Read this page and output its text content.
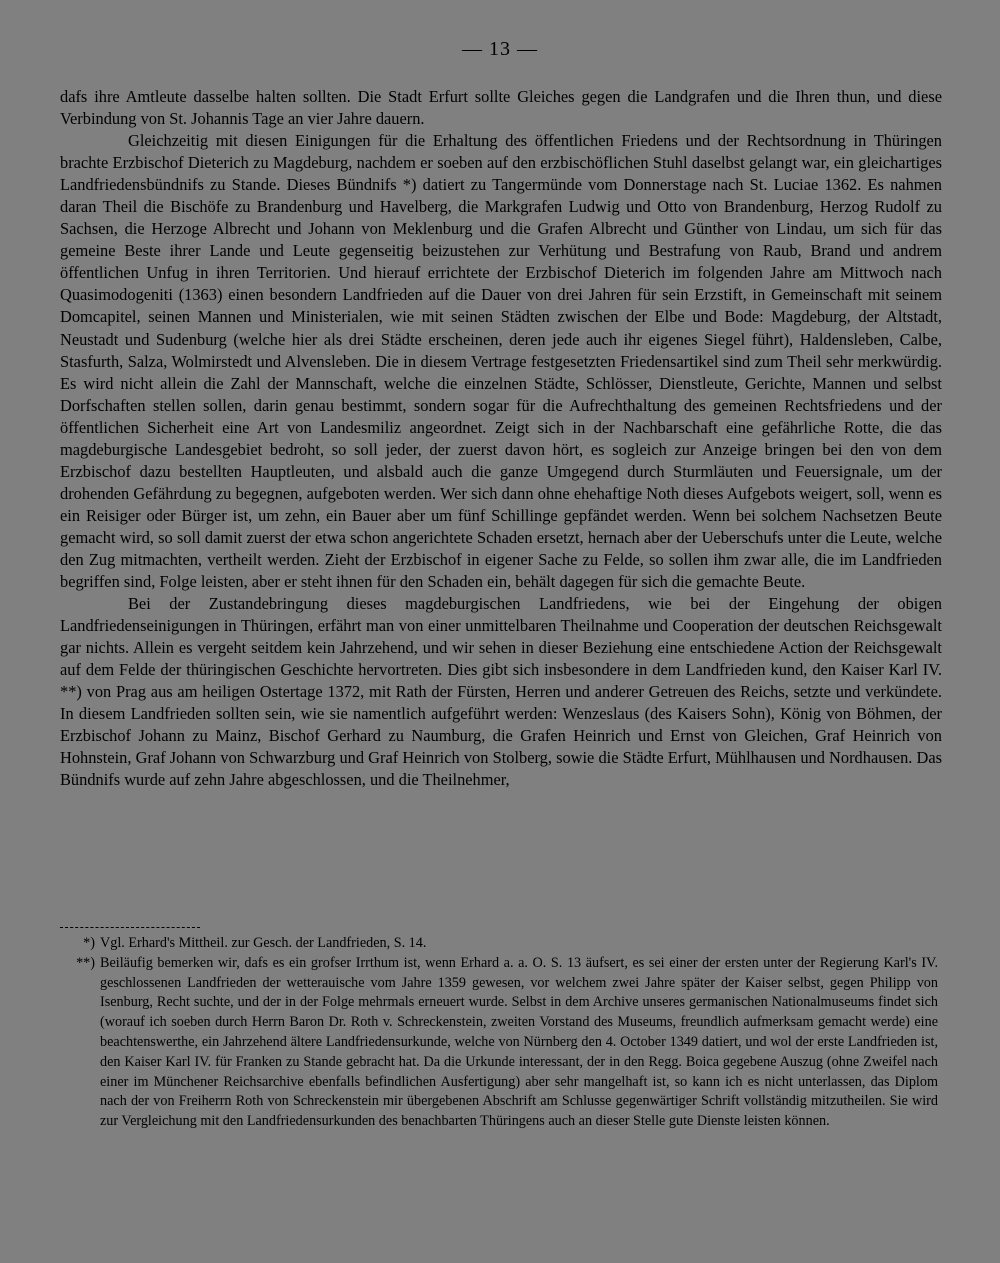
— 13 —

dafs ihre Amtleute dasselbe halten sollten. Die Stadt Erfurt sollte Gleiches gegen die Landgrafen und die Ihren thun, und diese Verbindung von St. Johannis Tage an vier Jahre dauern.

Gleichzeitig mit diesen Einigungen für die Erhaltung des öffentlichen Friedens und der Rechtsordnung in Thüringen brachte Erzbischof Dieterich zu Magdeburg, nachdem er soeben auf den erzbischöflichen Stuhl daselbst gelangt war, ein gleichartiges Landfriedensbündnifs zu Stande. Dieses Bündnifs *) datiert zu Tangermünde vom Donnerstage nach St. Luciae 1362. Es nahmen daran Theil die Bischöfe zu Brandenburg und Havelberg, die Markgrafen Ludwig und Otto von Brandenburg, Herzog Rudolf zu Sachsen, die Herzoge Albrecht und Johann von Meklenburg und die Grafen Albrecht und Günther von Lindau, um sich für das gemeine Beste ihrer Lande und Leute gegenseitig beizustehen zur Verhütung und Bestrafung von Raub, Brand und andrem öffentlichen Unfug in ihren Territorien. Und hierauf errichtete der Erzbischof Dieterich im folgenden Jahre am Mittwoch nach Quasimodogeniti (1363) einen besondern Landfrieden auf die Dauer von drei Jahren für sein Erzstift, in Gemeinschaft mit seinem Domcapitel, seinen Mannen und Ministerialen, wie mit seinen Städten zwischen der Elbe und Bode: Magdeburg, der Altstadt, Neustadt und Sudenburg (welche hier als drei Städte erscheinen, deren jede auch ihr eigenes Siegel führt), Haldensleben, Calbe, Stasfurth, Salza, Wolmirstedt und Alvensleben. Die in diesem Vertrage festgesetzten Friedensartikel sind zum Theil sehr merkwürdig. Es wird nicht allein die Zahl der Mannschaft, welche die einzelnen Städte, Schlösser, Dienstleute, Gerichte, Mannen und selbst Dorfschaften stellen sollen, darin genau bestimmt, sondern sogar für die Aufrechthaltung des gemeinen Rechtsfriedens und der öffentlichen Sicherheit eine Art von Landesmiliz angeordnet. Zeigt sich in der Nachbarschaft eine gefährliche Rotte, die das magdeburgische Landesgebiet bedroht, so soll jeder, der zuerst davon hört, es sogleich zur Anzeige bringen bei den von dem Erzbischof dazu bestellten Hauptleuten, und alsbald auch die ganze Umgegend durch Sturmläuten und Feuersignale, um der drohenden Gefährdung zu begegnen, aufgeboten werden. Wer sich dann ohne ehehaftige Noth dieses Aufgebots weigert, soll, wenn es ein Reisiger oder Bürger ist, um zehn, ein Bauer aber um fünf Schillinge gepfändet werden. Wenn bei solchem Nachsetzen Beute gemacht wird, so soll damit zuerst der etwa schon angerichtete Schaden ersetzt, hernach aber der Ueberschufs unter die Leute, welche den Zug mitmachten, vertheilt werden. Zieht der Erzbischof in eigener Sache zu Felde, so sollen ihm zwar alle, die im Landfrieden begriffen sind, Folge leisten, aber er steht ihnen für den Schaden ein, behält dagegen für sich die gemachte Beute.

Bei der Zustandebringung dieses magdeburgischen Landfriedens, wie bei der Eingehung der obigen Landfriedenseinigungen in Thüringen, erfährt man von einer unmittelbaren Theilnahme und Cooperation der deutschen Reichsgewalt gar nichts. Allein es vergeht seitdem kein Jahrzehend, und wir sehen in dieser Beziehung eine entschiedene Action der Reichsgewalt auf dem Felde der thüringischen Geschichte hervortreten. Dies gibt sich insbesondere in dem Landfrieden kund, den Kaiser Karl IV. **) von Prag aus am heiligen Ostertage 1372, mit Rath der Fürsten, Herren und anderer Getreuen des Reichs, setzte und verkündete. In diesem Landfrieden sollten sein, wie sie namentlich aufgeführt werden: Wenzeslaus (des Kaisers Sohn), König von Böhmen, der Erzbischof Johann zu Mainz, Bischof Gerhard zu Naumburg, die Grafen Heinrich und Ernst von Gleichen, Graf Heinrich von Hohnstein, Graf Johann von Schwarzburg und Graf Heinrich von Stolberg, sowie die Städte Erfurt, Mühlhausen und Nordhausen. Das Bündnifs wurde auf zehn Jahre abgeschlossen, und die Theilnehmer,

*) Vgl. Erhard's Mittheil. zur Gesch. der Landfrieden, S. 14.
**) Beiläufig bemerken wir, dafs es ein grofser Irrthum ist, wenn Erhard a. a. O. S. 13 äufsert, es sei einer der ersten unter der Regierung Karl's IV. geschlossenen Landfrieden der wetterauische vom Jahre 1359 gewesen, vor welchem zwei Jahre später der Kaiser selbst, gegen Philipp von Isenburg, Recht suchte, und der in der Folge mehrmals erneuert wurde. Selbst in dem Archive unseres germanischen Nationalmuseums findet sich (worauf ich soeben durch Herrn Baron Dr. Roth v. Schreckenstein, zweiten Vorstand des Museums, freundlich aufmerksam gemacht werde) eine beachtenswerthe, ein Jahrzehend ältere Landfriedensurkunde, welche von Nürnberg den 4. October 1349 datiert, und wol der erste Landfrieden ist, den Kaiser Karl IV. für Franken zu Stande gebracht hat. Da die Urkunde interessant, der in den Regg. Boica gegebene Auszug (ohne Zweifel nach einer im Münchener Reichsarchive ebenfalls befindlichen Ausfertigung) aber sehr mangelhaft ist, so kann ich es nicht unterlassen, das Diplom nach der von Freiherrn Roth von Schreckenstein mir übergebenen Abschrift am Schlusse gegenwärtiger Schrift vollständig mitzutheilen. Sie wird zur Vergleichung mit den Landfriedensurkunden des benachbarten Thüringens auch an dieser Stelle gute Dienste leisten können.
